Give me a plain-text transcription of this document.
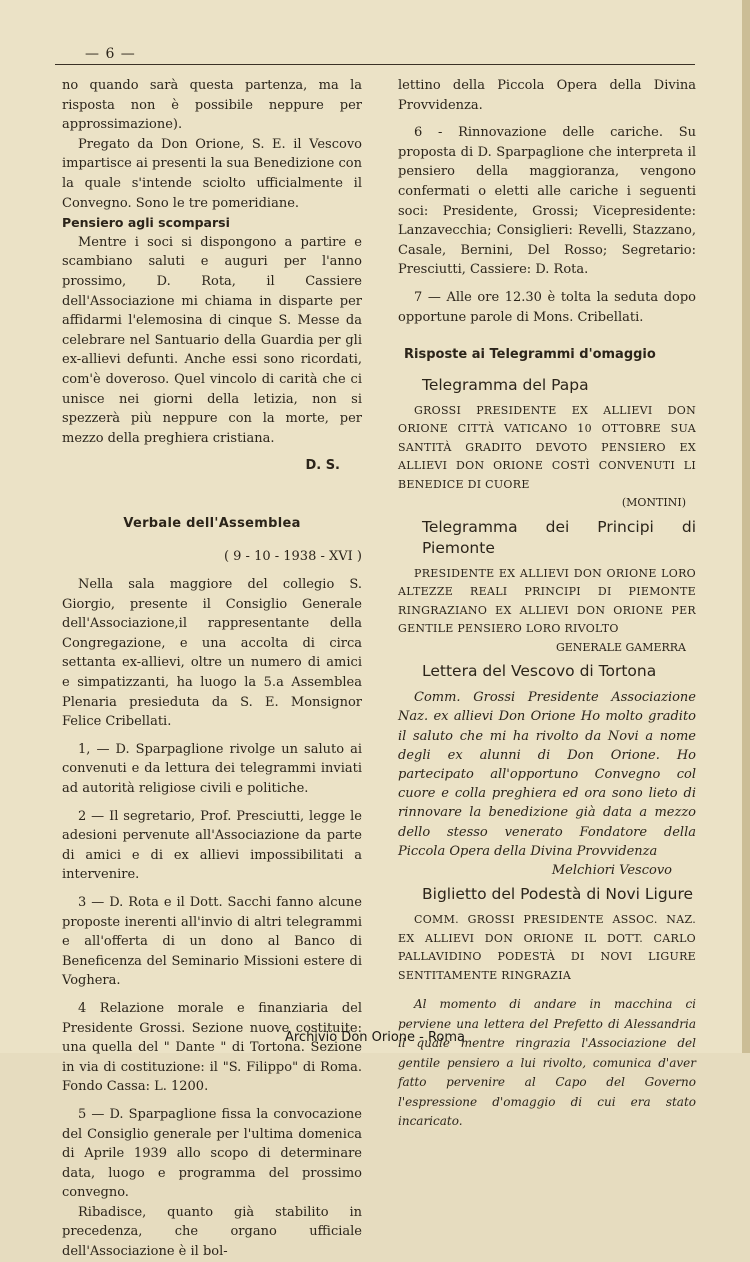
— 6 —

no quando sarà questa partenza, ma la risposta non è possibile neppure per approssimazione).

Pregato da Don Orione, S. E. il Vescovo impartisce ai presenti la sua Benedizione con la quale s'intende sciolto ufficialmente il Convegno. Sono le tre pomeridiane.

Pensiero agli scomparsi

Mentre i soci si dispongono a partire e scambiano saluti e auguri per l'anno prossimo, D. Rota, il Cassiere dell'Associazione mi chiama in disparte per affidarmi l'elemosina di cinque S. Messe da celebrare nel Santuario della Guardia per gli ex-allievi defunti. Anche essi sono ricordati, com'è doveroso. Quel vincolo di carità che ci unisce nei giorni della letizia, non si spezzerà più neppure con la morte, per mezzo della preghiera cristiana.

D. S.

Verbale dell'Assemblea

( 9 - 10 - 1938 - XVI )

Nella sala maggiore del collegio S. Giorgio, presente il Consiglio Generale dell'Associazione,il rappresentante della Congregazione, e una accolta di circa settanta ex-allievi, oltre un numero di amici e simpatizzanti, ha luogo la 5.a Assemblea Plenaria presieduta da S. E. Monsignor Felice Cribellati.

1, — D. Sparpaglione rivolge un saluto ai convenuti e da lettura dei telegrammi inviati ad autorità religiose civili e politiche.

2 — Il segretario, Prof. Presciutti, legge le adesioni pervenute all'Associazione da parte di amici e di ex allievi impossibilitati a intervenire.

3 — D. Rota e il Dott. Sacchi fanno alcune proposte inerenti all'invio di altri telegrammi e all'offerta di un dono al Banco di Beneficenza del Seminario Missioni estere di Voghera.

4 Relazione morale e finanziaria del Presidente Grossi. Sezione nuove costituite: una quella del " Dante " di Tortona. Sezione in via di costituzione: il "S. Filippo" di Roma. Fondo Cassa: L. 1200.

5 — D. Sparpaglione fissa la convocazione del Consiglio generale per l'ultima domenica di Aprile 1939 allo scopo di determinare data, luogo e programma del prossimo convegno.

Ribadisce, quanto già stabilito in precedenza, che organo ufficiale dell'Associazione è il bol-

lettino della Piccola Opera della Divina Provvidenza.

6 - Rinnovazione delle cariche. Su proposta di D. Sparpaglione che interpreta il pensiero della maggioranza, vengono confermati o eletti alle cariche i seguenti soci: Presidente, Grossi; Vicepresidente: Lanzavecchia; Consiglieri: Revelli, Stazzano, Casale, Bernini, Del Rosso; Segretario: Presciutti, Cassiere: D. Rota.

7 — Alle ore 12.30 è tolta la seduta dopo opportune parole di Mons. Cribellati.

Risposte ai Telegrammi d'omaggio

Telegramma del Papa

GROSSI PRESIDENTE EX ALLIEVI DON ORIONE CITTÀ VATICANO 10 OTTOBRE SUA SANTITÀ GRADITO DEVOTO PENSIERO EX ALLIEVI DON ORIONE COSTÌ CONVENUTI LI BENEDICE DI CUORE

(MONTINI)

Telegramma dei Principi di Piemonte

PRESIDENTE EX ALLIEVI DON ORIONE LORO ALTEZZE REALI PRINCIPI DI PIEMONTE RINGRAZIANO EX ALLIEVI DON ORIONE PER GENTILE PENSIERO LORO RIVOLTO

GENERALE GAMERRA

Lettera del Vescovo di Tortona

Comm. Grossi Presidente Associazione Naz. ex allievi Don Orione Ho molto gradito il saluto che mi ha rivolto da Novi a nome degli ex alunni di Don Orione. Ho partecipato all'opportuno Convegno col cuore e colla preghiera ed ora sono lieto di rinnovare la benedizione già data a mezzo dello stesso venerato Fondatore della Piccola Opera della Divina Provvidenza

Melchiori Vescovo

Biglietto del Podestà di Novi Ligure

COMM. GROSSI PRESIDENTE ASSOC. NAZ. EX ALLIEVI DON ORIONE IL DOTT. CARLO PALLAVIDINO PODESTÀ DI NOVI LIGURE SENTITAMENTE RINGRAZIA

Al momento di andare in macchina ci perviene una lettera del Prefetto di Alessandria il quale mentre ringrazia l'Associazione del gentile pensiero a lui rivolto, comunica d'aver fatto pervenire al Capo del Governo l'espressione d'omaggio di cui era stato incaricato.

Archivio Don Orione - Roma
